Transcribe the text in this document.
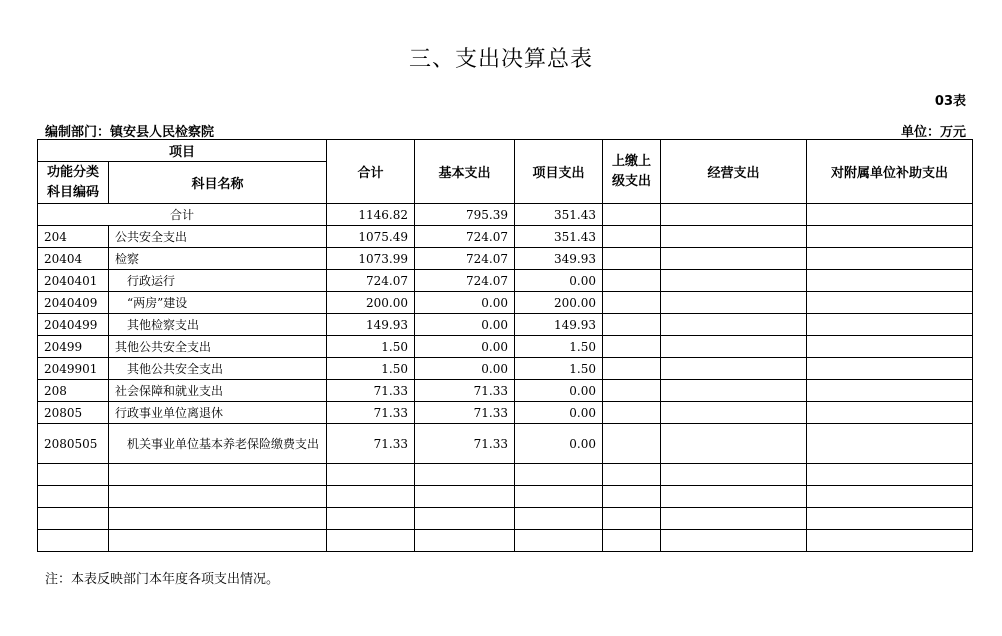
三、支出决算总表
03表
编制部门：镇安县人民检察院	单位：万元
项目		合计	基本支出	项目支出	上缴上级支出	经营支出	对附属单位补助支出
功能分类科目编码	科目名称						
合计		1146.82	795.39	351.43			
204	公共安全支出	1075.49	724.07	351.43			
20404	检察	1073.99	724.07	349.93			
2040401	行政运行	724.07	724.07	0.00			
2040409	“两房”建设	200.00	0.00	200.00			
2040499	其他检察支出	149.93	0.00	149.93			
20499	其他公共安全支出	1.50	0.00	1.50			
2049901	其他公共安全支出	1.50	0.00	1.50			
208	社会保障和就业支出	71.33	71.33	0.00			
20805	行政事业单位离退休	71.33	71.33	0.00			
2080505	机关事业单位基本养老保险缴费支出	71.33	71.33	0.00			

注：本表反映部门本年度各项支出情况。
